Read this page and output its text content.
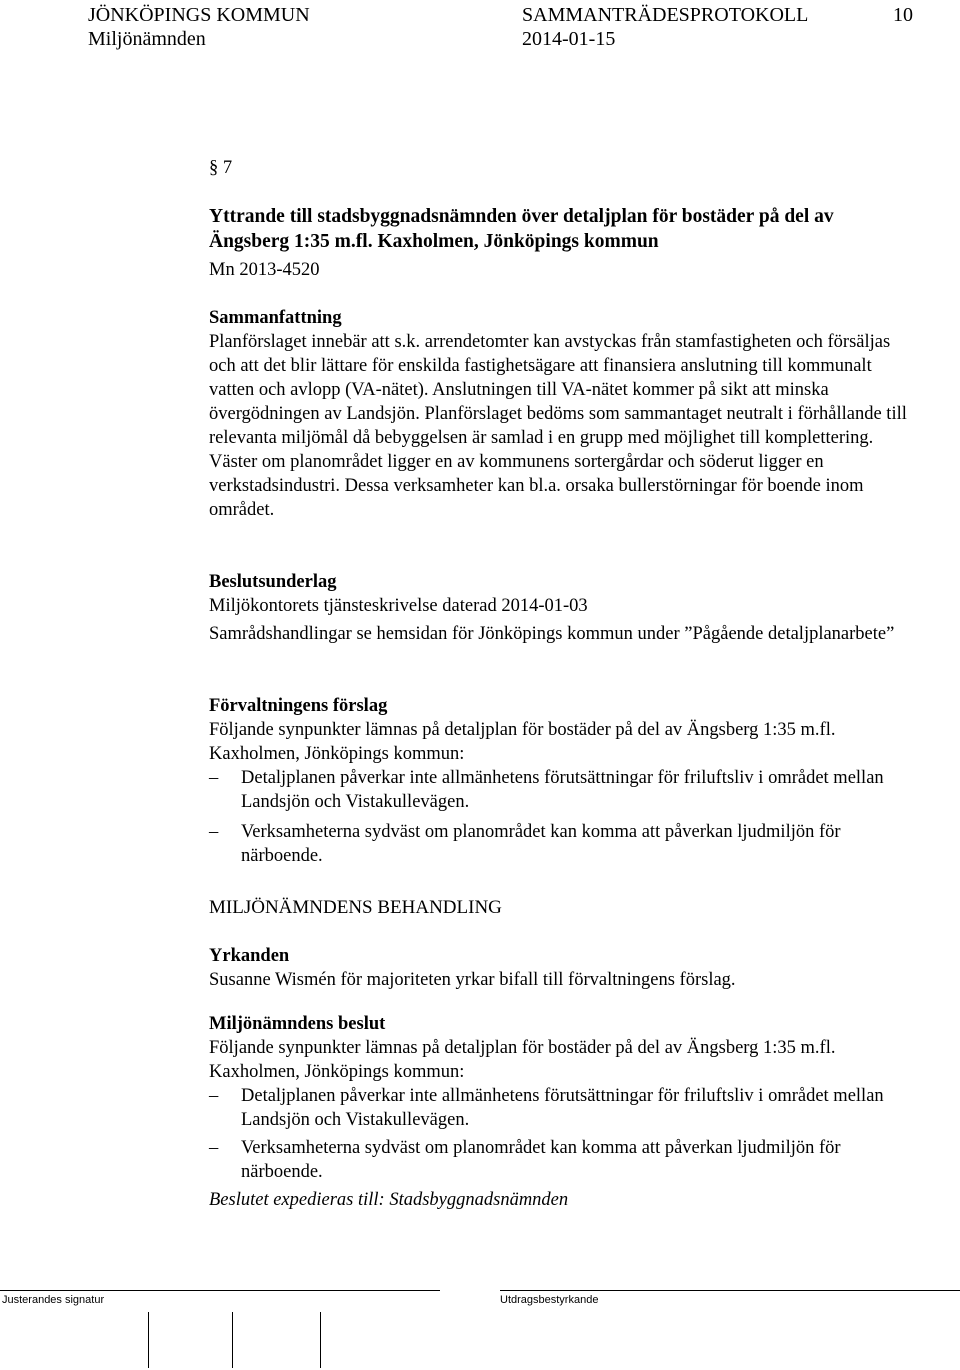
JÖNKÖPINGS KOMMUN
Miljönämnden
SAMMANTRÄDESPROTOKOLL
2014-01-15
10
§ 7
Yttrande till stadsbyggnadsnämnden över detaljplan för bostäder på del av Ängsberg 1:35 m.fl. Kaxholmen, Jönköpings kommun
Mn 2013-4520
Sammanfattning
Planförslaget innebär att s.k. arrendetomter kan avstyckas från stamfastigheten och försäljas och att det blir lättare för enskilda fastighetsägare att finansiera anslutning till kommunalt vatten och avlopp (VA-nätet). Anslutningen till VA-nätet kommer på sikt att minska övergödningen av Landsjön. Planförslaget bedöms som sammantaget neutralt i förhållande till relevanta miljömål då bebyggelsen är samlad i en grupp med möjlighet till komplettering. Väster om planområdet ligger en av kommunens sortergårdar och söderut ligger en verkstadsindustri. Dessa verksamheter kan bl.a. orsaka bullerstörningar för boende inom området.
Beslutsunderlag
Miljökontorets tjänsteskrivelse daterad 2014-01-03
Samrådshandlingar se hemsidan för Jönköpings kommun under ”Pågående detaljplanarbete”
Förvaltningens förslag
Följande synpunkter lämnas på detaljplan för bostäder på del av Ängsberg 1:35 m.fl. Kaxholmen, Jönköpings kommun:
–	Detaljplanen påverkar inte allmänhetens förutsättningar för friluftsliv i området mellan Landsjön och Vistakullevägen.
–	Verksamheterna sydväst om planområdet kan komma att påverkan ljudmiljön för närboende.
MILJÖNÄMNDENS BEHANDLING
Yrkanden
Susanne Wismén för majoriteten yrkar bifall till förvaltningens förslag.
Miljönämndens beslut
Följande synpunkter lämnas på detaljplan för bostäder på del av Ängsberg 1:35 m.fl. Kaxholmen, Jönköpings kommun:
–	Detaljplanen påverkar inte allmänhetens förutsättningar för friluftsliv i området mellan Landsjön och Vistakullevägen.
–	Verksamheterna sydväst om planområdet kan komma att påverkan ljudmiljön för närboende.
Beslutet expedieras till: Stadsbyggnadsnämnden
Justerandes signatur	Utdragsbestyrkande
